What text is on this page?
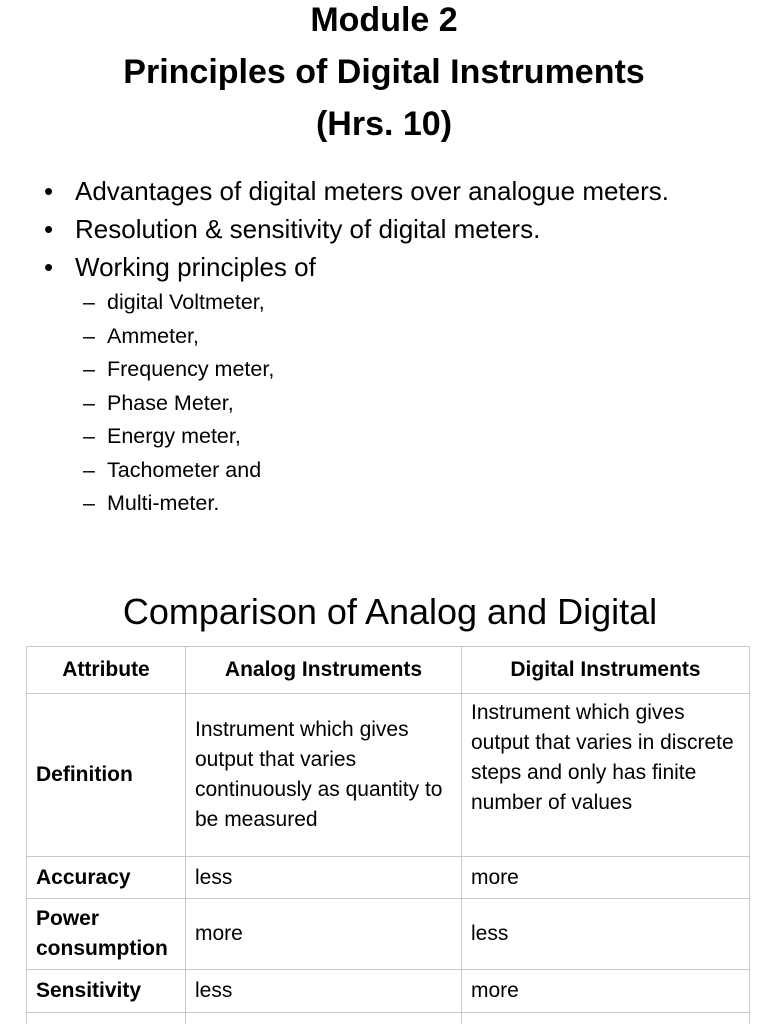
Module 2
Principles of Digital Instruments
(Hrs. 10)
• Advantages of digital meters over analogue meters.
• Resolution & sensitivity of digital meters.
• Working principles of
– digital Voltmeter,
– Ammeter,
– Frequency meter,
– Phase Meter,
– Energy meter,
– Tachometer and
– Multi-meter.
Comparison of Analog and Digital
Attribute	Analog Instruments	Digital Instruments
Definition	Instrument which gives output that varies continuously as quantity to be measured	Instrument which gives output that varies in discrete steps and only has finite number of values
Accuracy	less	more
Power consumption	more	less
Sensitivity	less	more
